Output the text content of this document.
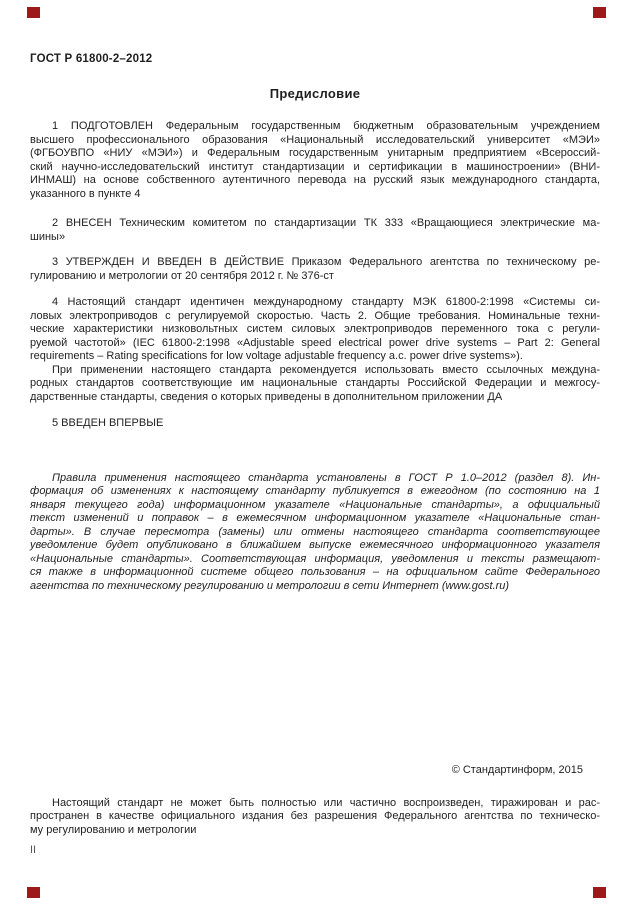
ГОСТ Р 61800-2–2012
Предисловие
1 ПОДГОТОВЛЕН Федеральным государственным бюджетным образовательным учреждением
высшего профессионального образования «Национальный исследовательский университет «МЭИ»
(ФГБОУВПО «НИУ «МЭИ») и Федеральным государственным унитарным предприятием «Всероссий-
ский научно-исследовательский институт стандартизации и сертификации в машиностроении» (ВНИ-
ИНМАШ) на основе собственного аутентичного перевода на русский язык международного стандарта,
указанного в пункте 4
2 ВНЕСЕН Техническим комитетом по стандартизации ТК 333 «Вращающиеся электрические ма-
шины»
3 УТВЕРЖДЕН И ВВЕДЕН В ДЕЙСТВИЕ Приказом Федерального агентства по техническому ре-
гулированию и метрологии от 20 сентября 2012 г. № 376-ст
4 Настоящий стандарт идентичен международному стандарту МЭК 61800-2:1998 «Системы си-
ловых электроприводов с регулируемой скоростью. Часть 2. Общие требования. Номинальные техни-
ческие характеристики низковольтных систем силовых электроприводов переменного тока с регули-
руемой частотой» (IEC 61800-2:1998 «Adjustable speed electrical power drive systems – Part 2: General
requirements – Rating specifications for low voltage adjustable frequency a.c. power drive systems»).
При применении настоящего стандарта рекомендуется использовать вместо ссылочных междуна-
родных стандартов соответствующие им национальные стандарты Российской Федерации и межгосу-
дарственные стандарты, сведения о которых приведены в дополнительном приложении ДА
5 ВВЕДЕН ВПЕРВЫЕ
Правила применения настоящего стандарта установлены в ГОСТ Р 1.0–2012 (раздел 8). Ин-
формация об изменениях к настоящему стандарту публикуется в ежегодном (по состоянию на 1
января текущего года) информационном указателе «Национальные стандарты», а официальный
текст изменений и поправок – в ежемесячном информационном указателе «Национальные стан-
дарты». В случае пересмотра (замены) или отмены настоящего стандарта соответствующее
уведомление будет опубликовано в ближайшем выпуске ежемесячного информационного указателя
«Национальные стандарты». Соответствующая информация, уведомления и тексты размещают-
ся также в информационной системе общего пользования – на официальном сайте Федерального
агентства по техническому регулированию и метрологии в сети Интернет (www.gost.ru)
© Стандартинформ, 2015
Настоящий стандарт не может быть полностью или частично воспроизведен, тиражирован и рас-
пространен в качестве официального издания без разрешения Федерального агентства по техническо-
му регулированию и метрологии
II
